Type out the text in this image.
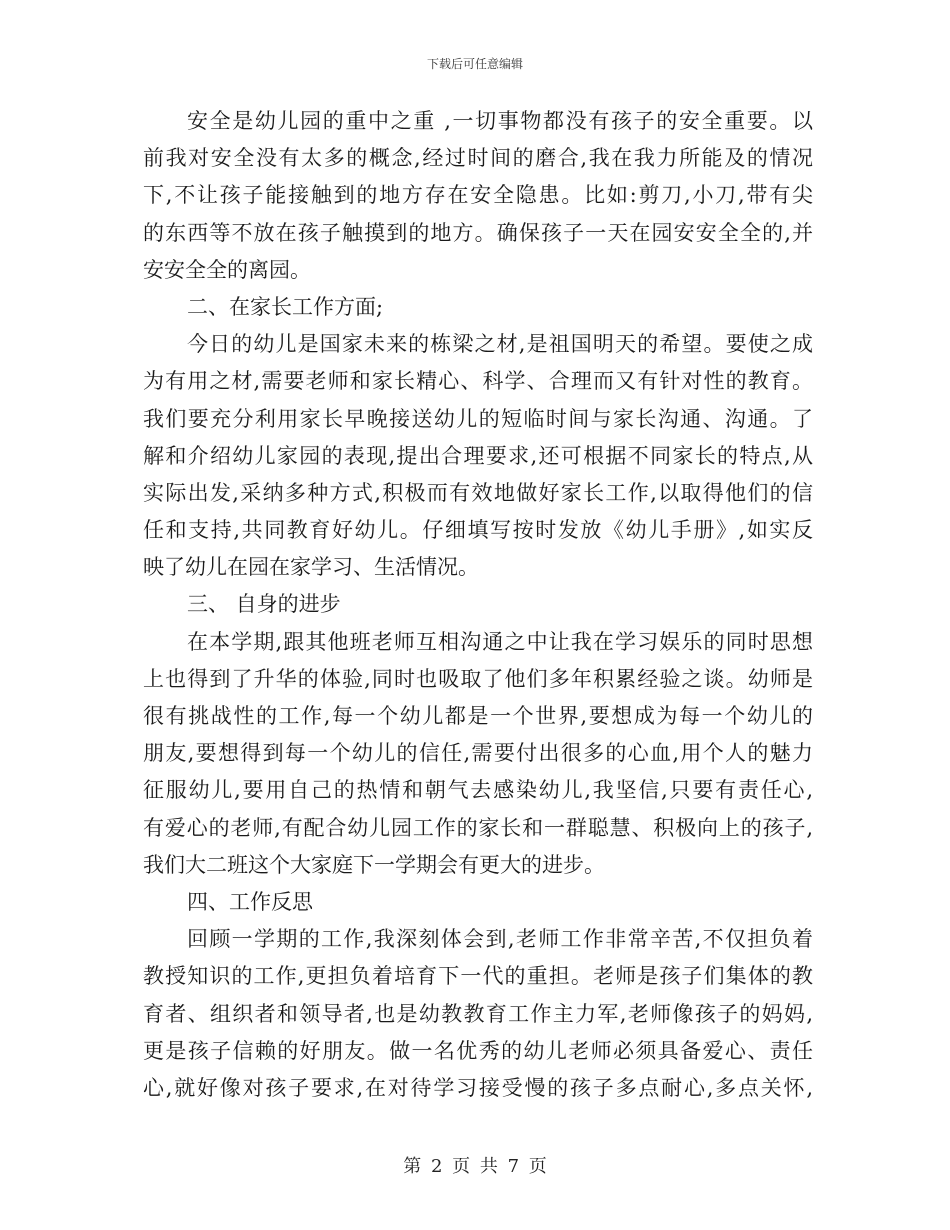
下载后可任意编辑
安全是幼儿园的重中之重 ,一切事物都没有孩子的安全重要。以
前我对安全没有太多的概念,经过时间的磨合,我在我力所能及的情况
下,不让孩子能接触到的地方存在安全隐患。比如:剪刀,小刀,带有尖
的东西等不放在孩子触摸到的地方。确保孩子一天在园安安全全的,并
安安全全的离园。
二、在家长工作方面;
今日的幼儿是国家未来的栋梁之材,是祖国明天的希望。要使之成
为有用之材,需要老师和家长精心、科学、合理而又有针对性的教育。
我们要充分利用家长早晚接送幼儿的短临时间与家长沟通、沟通。了
解和介绍幼儿家园的表现,提出合理要求,还可根据不同家长的特点,从
实际出发,采纳多种方式,积极而有效地做好家长工作,以取得他们的信
任和支持,共同教育好幼儿。仔细填写按时发放《幼儿手册》,如实反
映了幼儿在园在家学习、生活情况。
三、 自身的进步
在本学期,跟其他班老师互相沟通之中让我在学习娱乐的同时思想
上也得到了升华的体验,同时也吸取了他们多年积累经验之谈。幼师是
很有挑战性的工作,每一个幼儿都是一个世界,要想成为每一个幼儿的
朋友,要想得到每一个幼儿的信任,需要付出很多的心血,用个人的魅力
征服幼儿,要用自己的热情和朝气去感染幼儿,我坚信,只要有责任心,
有爱心的老师,有配合幼儿园工作的家长和一群聪慧、积极向上的孩子,
我们大二班这个大家庭下一学期会有更大的进步。
四、工作反思
回顾一学期的工作,我深刻体会到,老师工作非常辛苦,不仅担负着
教授知识的工作,更担负着培育下一代的重担。老师是孩子们集体的教
育者、组织者和领导者,也是幼教教育工作主力军,老师像孩子的妈妈,
更是孩子信赖的好朋友。做一名优秀的幼儿老师必须具备爱心、责任
心,就好像对孩子要求,在对待学习接受慢的孩子多点耐心,多点关怀,
第 2 页 共 7 页
